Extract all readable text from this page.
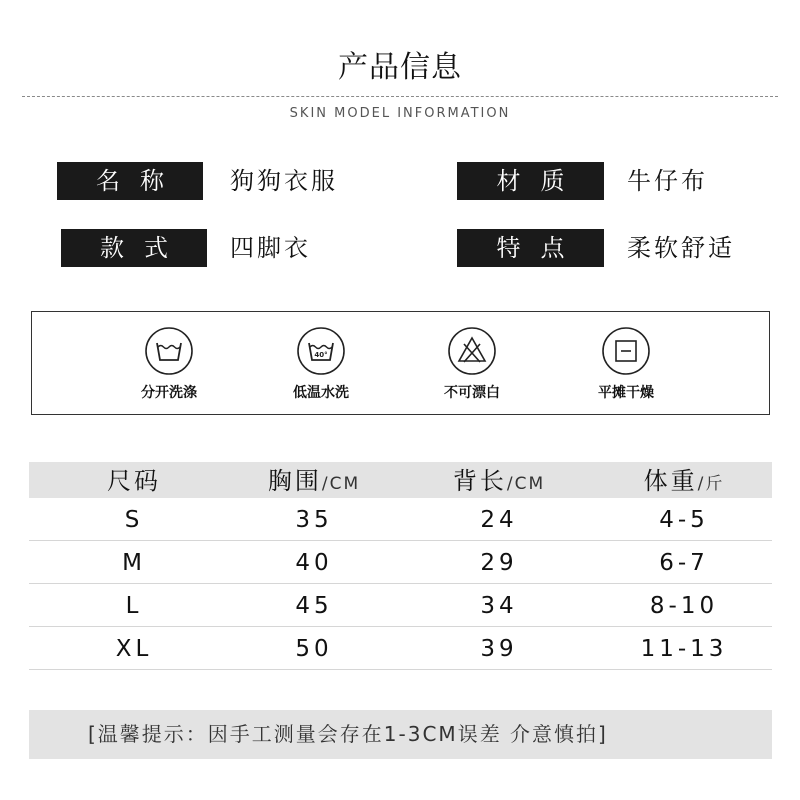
产品信息
SKIN MODEL INFORMATION
名称	狗狗衣服	材质	牛仔布
款式	四脚衣	特点	柔软舒适
分开洗涤
40°
低温水洗	不可漂白	平摊干燥
尺码	胸围/CM	背长/CM	体重/斤
S	35	24	4-5
M	40	29	6-7
L	45	34	8-10
XL	50	39	11-13
[温馨提示：因手工测量会存在1-3CM误差 介意慎拍]
